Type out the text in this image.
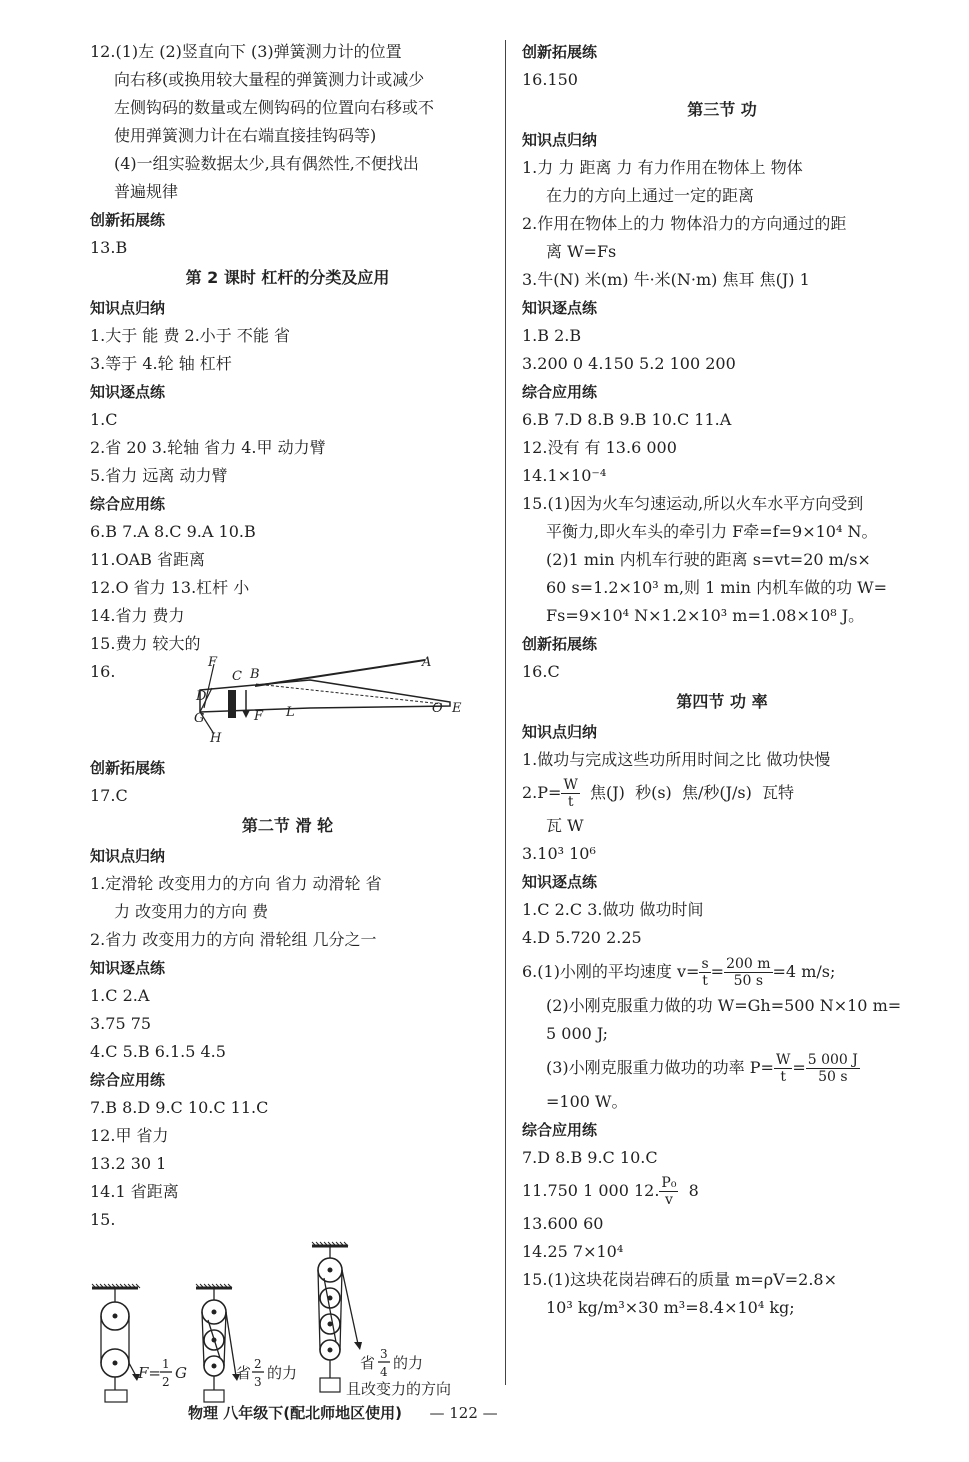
12.(1)左 (2)竖直向下 (3)弹簧测力计的位置
向右移(或换用较大量程的弹簧测力计或减少
左侧钩码的数量或左侧钩码的位置向右移或不
使用弹簧测力计在右端直接挂钩码等)
(4)一组实验数据太少,具有偶然性,不便找出
普遍规律
创新拓展练
13.B
第 2 课时 杠杆的分类及应用
知识点归纳
1.大于 能 费 2.小于 不能 省
3.等于 4.轮 轴 杠杆
知识逐点练
1.C
2.省 20 3.轮轴 省力 4.甲 动力臂
5.省力 远离 动力臂
综合应用练
6.B 7.A 8.C 9.A 10.B
11.OAB 省距离
12.O 省力 13.杠杆 小
14.省力 费力
15.费力 较大的
16.	F
C B
A
D
G
H
F L	O E
创新拓展练
17.C
第二节 滑 轮
知识点归纳
1.定滑轮 改变用力的方向 省力 动滑轮 省
力 改变用力的方向 费
2.省力 改变用力的方向 滑轮组 几分之一
知识逐点练
1.C 2.A
3.75 75
4.C 5.B 6.1.5 4.5
综合应用练
7.B 8.D 9.C 10.C 11.C
12.甲 省力
13.2 30 1
14.1 省距离
15.
F= 1
2 G	省 2
3 的力
省 3
4 的力
且改变力的方向
创新拓展练
16.150
第三节 功
知识点归纳
1.力 力 距离 力 有力作用在物体上 物体
在力的方向上通过一定的距离
2.作用在物体上的力 物体沿力的方向通过的距
离 W=Fs
3.牛(N) 米(m) 牛·米(N·m) 焦耳 焦(J) 1
知识逐点练
1.B 2.B
3.200 0 4.150 5.2 100 200
综合应用练
6.B 7.D 8.B 9.B 10.C 11.A
12.没有 有 13.6 000
14.1×10⁻⁴
15.(1)因为火车匀速运动,所以火车水平方向受到
平衡力,即火车头的牵引力 F牵=f=9×10⁴ N。
(2)1 min 内机车行驶的距离 s=vt=20 m/s×
60 s=1.2×10³ m,则 1 min 内机车做的功 W=
Fs=9×10⁴ N×1.2×10³ m=1.08×10⁸ J。
创新拓展练
16.C
第四节 功 率
知识点归纳
1.做功与完成这些功所用时间之比 做功快慢
$2.P= \frac{W}{t}$ 焦(J)  秒(s)  焦/秒(J/s)  瓦特
瓦 W
3.10³ 10⁶
知识逐点练
1.C 2.C 3.做功 做功时间
4.D 5.720 2.25
6.(1)小刚的平均速度 $v= \frac{s}{t} = \frac{200 m}{50 s} =4$ m/s;
(2)小刚克服重力做的功 W=Gh=500 N×10 m=
5 000 J;
(3)小刚克服重力做功的功率 $P= \frac{W}{t} = \frac{5 000 J}{50 s}$
=100 W。
综合应用练
7.D 8.B 9.C 10.C
11.750 1 000 12. $\frac{\text{P₀}}{v} 8$
13.600 60
14.25 7×10⁴
15.(1)这块花岗岩碑石的质量 m=ρV=2.8×
10³ kg/m³×30 m³=8.4×10⁴ kg;
物理 八年级下(配北师地区使用) — 122 —
